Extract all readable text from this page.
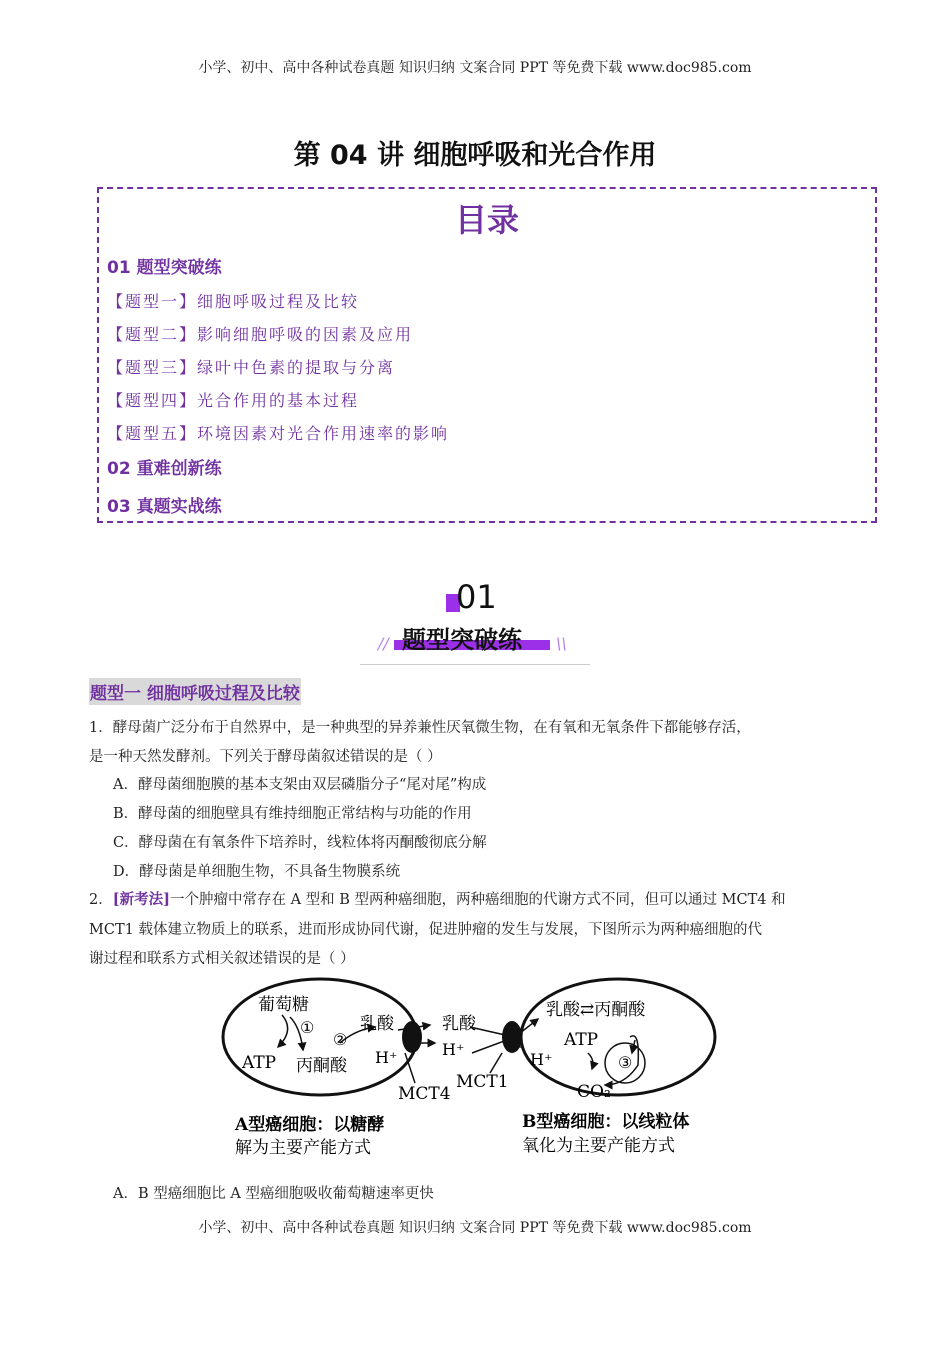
小学、初中、高中各种试卷真题 知识归纳 文案合同 PPT 等免费下载 www.doc985.com
第 04 讲 细胞呼吸和光合作用
目录
01 题型突破练
【题型一】细胞呼吸过程及比较
【题型二】影响细胞呼吸的因素及应用
【题型三】绿叶中色素的提取与分离
【题型四】光合作用的基本过程
【题型五】环境因素对光合作用速率的影响
02 重难创新练
03 真题实战练
01
题型突破练
//	\\
题型一 细胞呼吸过程及比较
1．酵母菌广泛分布于自然界中，是一种典型的异养兼性厌氧微生物，在有氧和无氧条件下都能够存活，
是一种天然发酵剂。下列关于酵母菌叙述错误的是（ ）
A．酵母菌细胞膜的基本支架由双层磷脂分子“尾对尾”构成
B．酵母菌的细胞壁具有维持细胞正常结构与功能的作用
C．酵母菌在有氧条件下培养时，线粒体将丙酮酸彻底分解
D．酵母菌是单细胞生物，不具备生物膜系统
2．[新考法]一个肿瘤中常存在 A 型和 B 型两种癌细胞，两种癌细胞的代谢方式不同，但可以通过 MCT4 和
MCT1 载体建立物质上的联系，进而形成协同代谢，促进肿瘤的发生与发展，下图所示为两种癌细胞的代
谢过程和联系方式相关叙述错误的是（ ）
葡萄糖
①
②
乳酸
ATP 丙酮酸 H⁺
MCT4
乳酸
H⁺
MCT1
H⁺
乳酸⇄丙酮酸
ATP
③
CO₂
A型癌细胞：以糖酵
解为主要产能方式
B型癌细胞：以线粒体
氧化为主要产能方式
A．B 型癌细胞比 A 型癌细胞吸收葡萄糖速率更快
小学、初中、高中各种试卷真题 知识归纳 文案合同 PPT 等免费下载 www.doc985.com
